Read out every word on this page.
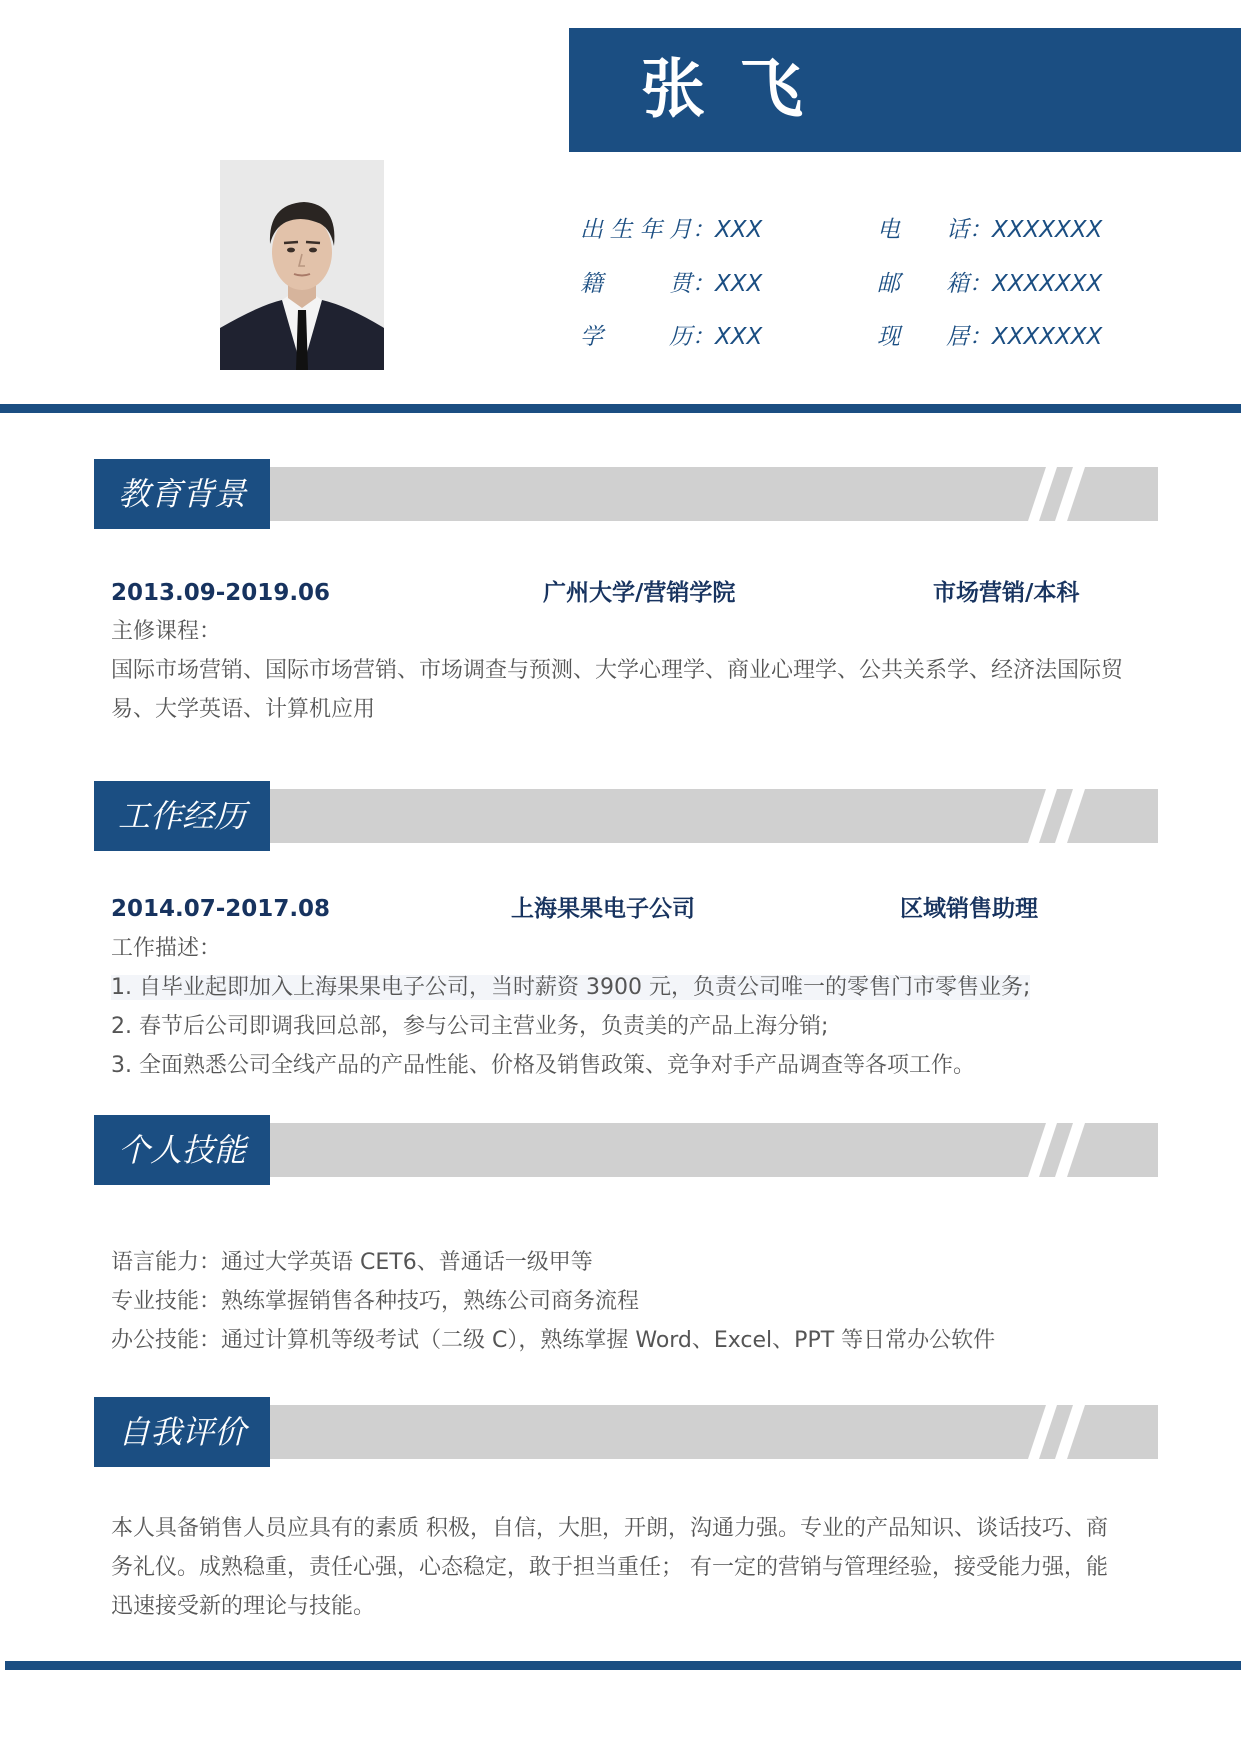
张飞
出生年月：XXX	电话：XXXXXXX
籍贯：XXX	邮箱：XXXXXXX
学历：XXX	现居：XXXXXXX
教育背景
2013.09-2019.06	广州大学/营销学院	市场营销/本科

主修课程：

国际市场营销、国际市场营销、市场调查与预测、大学心理学、商业心理学、公共关系学、经济法国际贸易、大学英语、计算机应用

工作经历
2014.07-2017.08	上海果果电子公司	区域销售助理

工作描述：

1. 自毕业起即加入上海果果电子公司，当时薪资 3900 元，负责公司唯一的零售门市零售业务;

2. 春节后公司即调我回总部，参与公司主营业务，负责美的产品上海分销;

3. 全面熟悉公司全线产品的产品性能、价格及销售政策、竞争对手产品调查等各项工作。

个人技能

语言能力：通过大学英语 CET6、普通话一级甲等

专业技能：熟练掌握销售各种技巧，熟练公司商务流程

办公技能：通过计算机等级考试（二级 C），熟练掌握 Word、Excel、PPT 等日常办公软件

自我评价

本人具备销售人员应具有的素质 积极，自信，大胆，开朗，沟通力强。专业的产品知识、谈话技巧、商务礼仪。成熟稳重，责任心强，心态稳定，敢于担当重任； 有一定的营销与管理经验，接受能力强，能迅速接受新的理论与技能。
